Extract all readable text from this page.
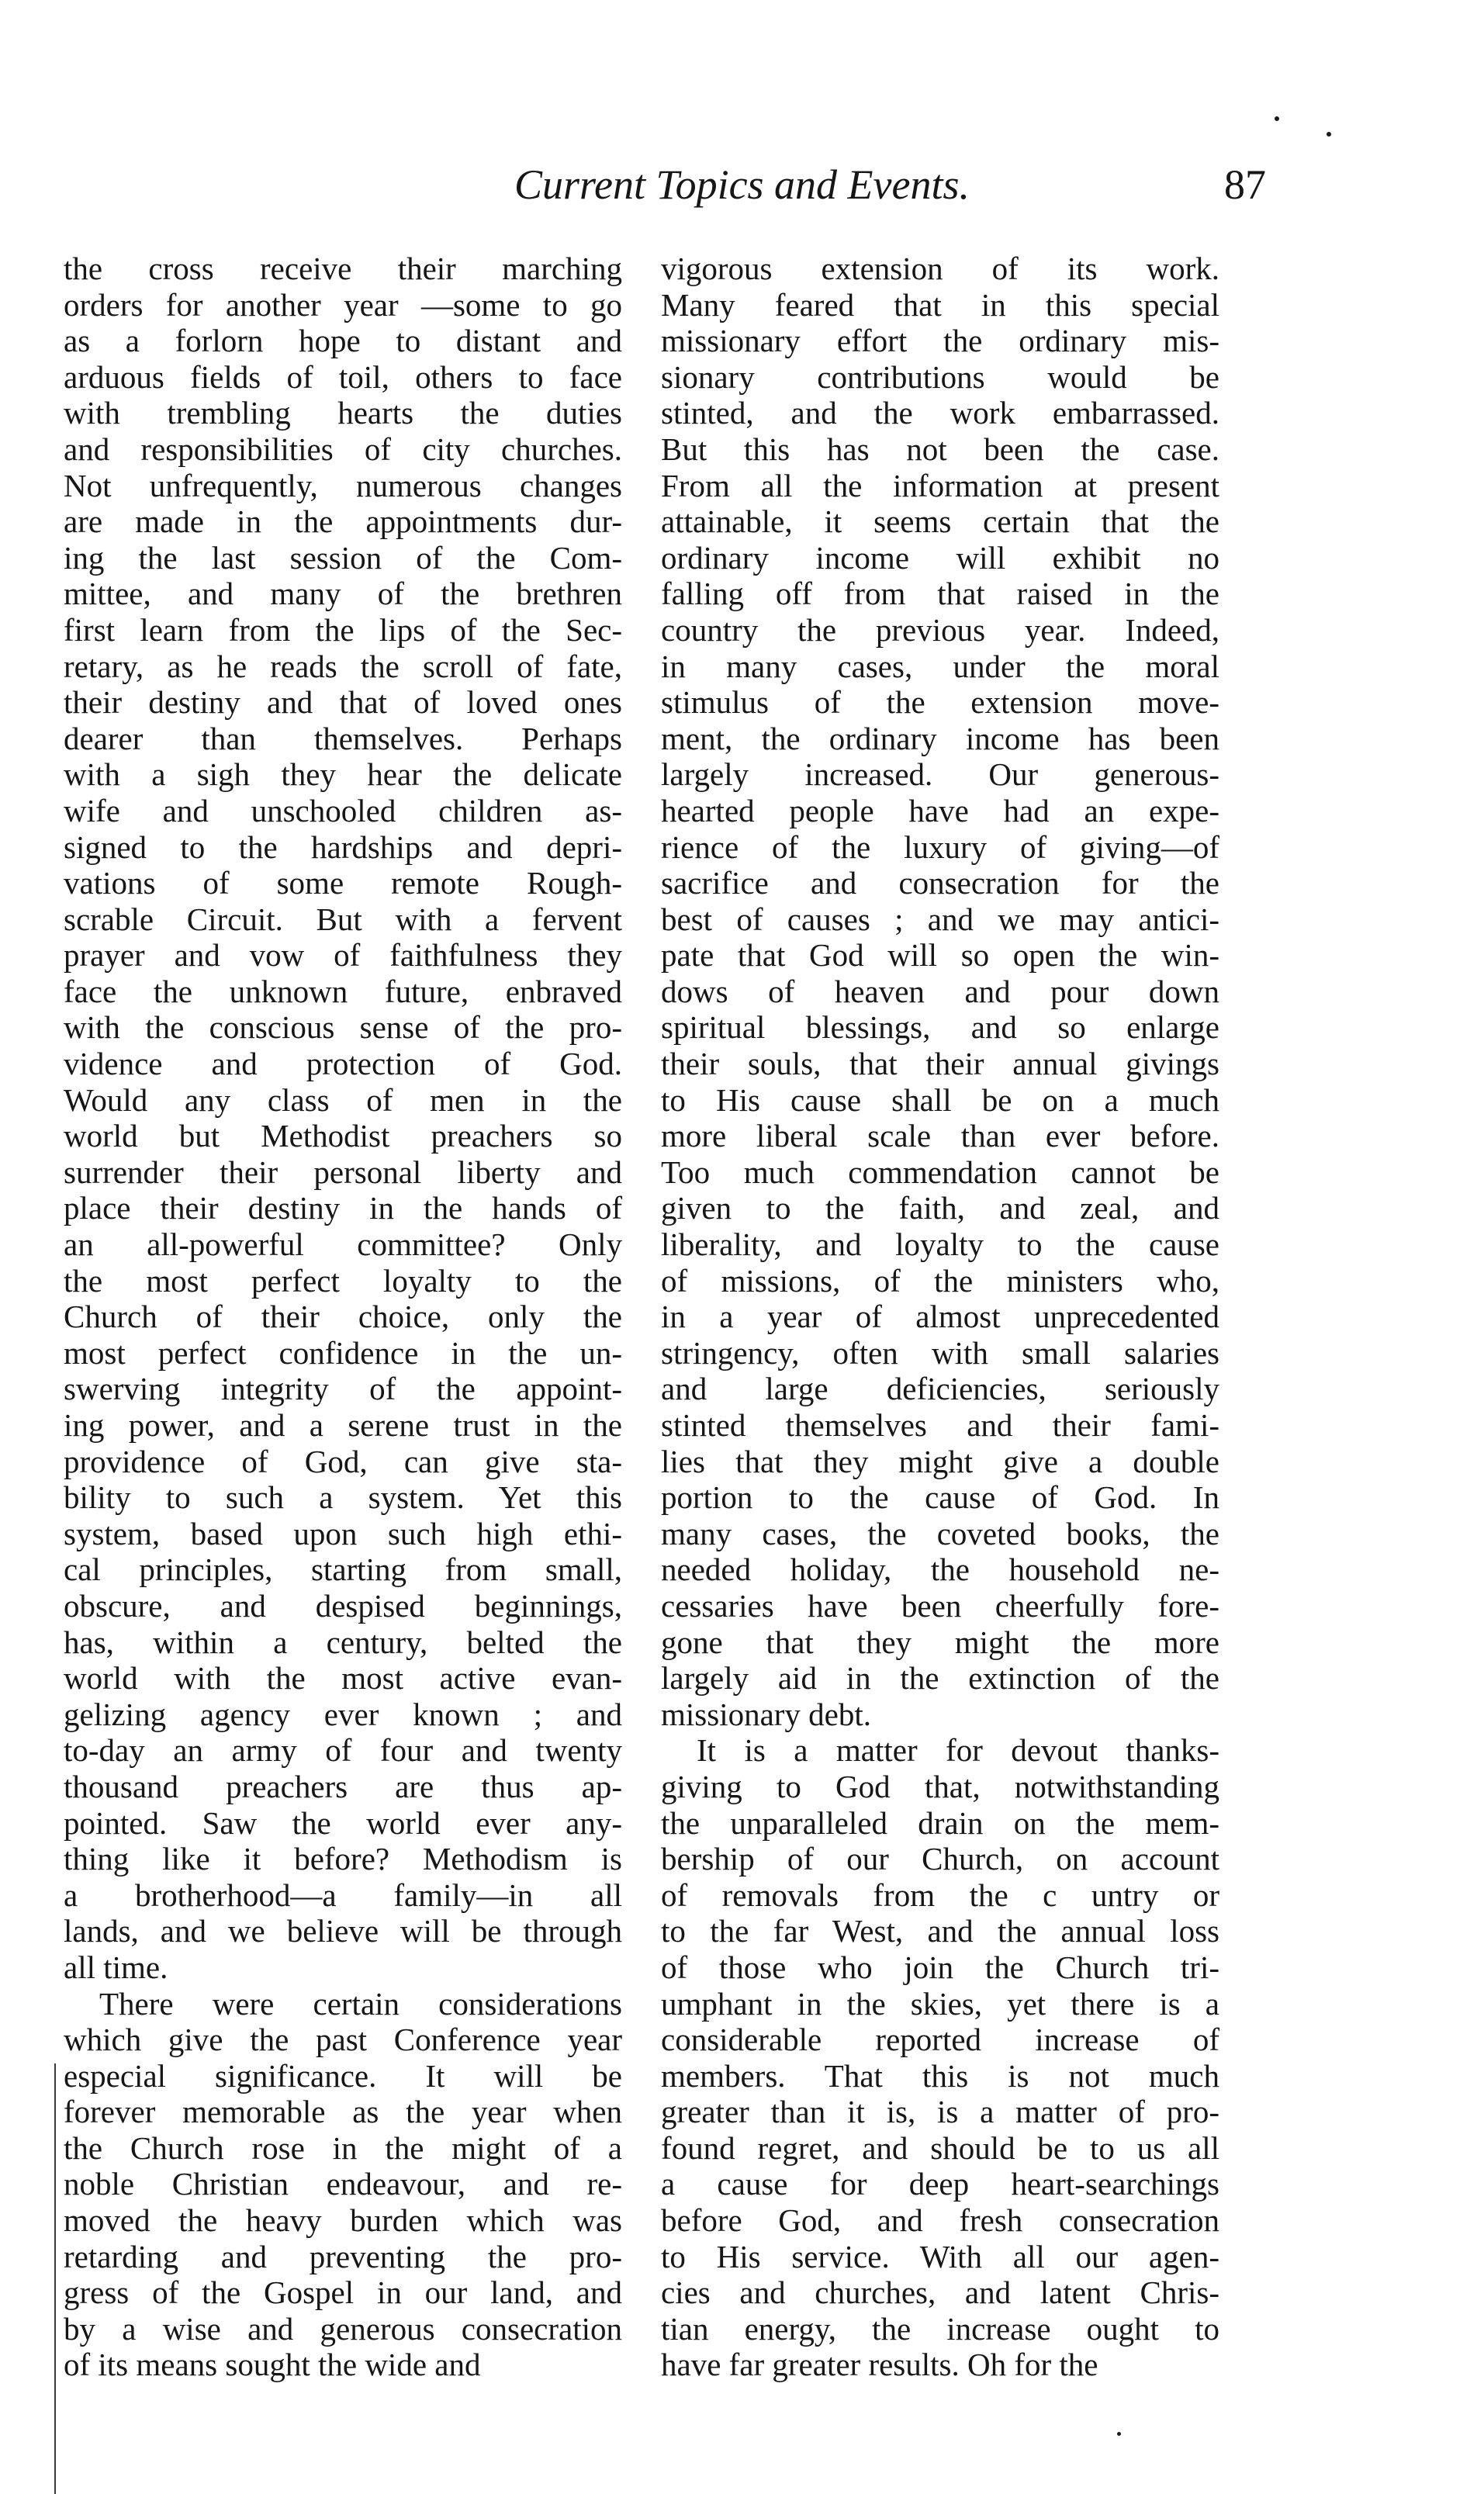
Current Topics and Events.	87
the cross receive their marching
orders for another year —some to go
as a forlorn hope to distant and
arduous fields of toil, others to face
with trembling hearts the duties
and responsibilities of city churches.
Not unfrequently, numerous changes
are made in the appointments dur-
ing the last session of the Com-
mittee, and many of the brethren
first learn from the lips of the Sec-
retary, as he reads the scroll of fate,
their destiny and that of loved ones
dearer than themselves. Perhaps
with a sigh they hear the delicate
wife and unschooled children as-
signed to the hardships and depri-
vations of some remote Rough-
scrable Circuit. But with a fervent
prayer and vow of faithfulness they
face the unknown future, enbraved
with the conscious sense of the pro-
vidence and protection of God.
Would any class of men in the
world but Methodist preachers so
surrender their personal liberty and
place their destiny in the hands of
an all-powerful committee? Only
the most perfect loyalty to the
Church of their choice, only the
most perfect confidence in the un-
swerving integrity of the appoint-
ing power, and a serene trust in the
providence of God, can give sta-
bility to such a system. Yet this
system, based upon such high ethi-
cal principles, starting from small,
obscure, and despised beginnings,
has, within a century, belted the
world with the most active evan-
gelizing agency ever known ; and
to-day an army of four and twenty
thousand preachers are thus ap-
pointed. Saw the world ever any-
thing like it before? Methodism is
a brotherhood—a family—in all
lands, and we believe will be through
all time.
There were certain considerations
which give the past Conference year
especial significance. It will be
forever memorable as the year when
the Church rose in the might of a
noble Christian endeavour, and re-
moved the heavy burden which was
retarding and preventing the pro-
gress of the Gospel in our land, and
by a wise and generous consecration
of its means sought the wide and
vigorous extension of its work.
Many feared that in this special
missionary effort the ordinary mis-
sionary contributions would be
stinted, and the work embarrassed.
But this has not been the case.
From all the information at present
attainable, it seems certain that the
ordinary income will exhibit no
falling off from that raised in the
country the previous year. Indeed,
in many cases, under the moral
stimulus of the extension move-
ment, the ordinary income has been
largely increased. Our generous-
hearted people have had an expe-
rience of the luxury of giving—of
sacrifice and consecration for the
best of causes ; and we may antici-
pate that God will so open the win-
dows of heaven and pour down
spiritual blessings, and so enlarge
their souls, that their annual givings
to His cause shall be on a much
more liberal scale than ever before.
Too much commendation cannot be
given to the faith, and zeal, and
liberality, and loyalty to the cause
of missions, of the ministers who,
in a year of almost unprecedented
stringency, often with small salaries
and large deficiencies, seriously
stinted themselves and their fami-
lies that they might give a double
portion to the cause of God. In
many cases, the coveted books, the
needed holiday, the household ne-
cessaries have been cheerfully fore-
gone that they might the more
largely aid in the extinction of the
missionary debt.
It is a matter for devout thanks-
giving to God that, notwithstanding
the unparalleled drain on the mem-
bership of our Church, on account
of removals from the c untry or
to the far West, and the annual loss
of those who join the Church tri-
umphant in the skies, yet there is a
considerable reported increase of
members. That this is not much
greater than it is, is a matter of pro-
found regret, and should be to us all
a cause for deep heart-searchings
before God, and fresh consecration
to His service. With all our agen-
cies and churches, and latent Chris-
tian energy, the increase ought to
have far greater results. Oh for the
